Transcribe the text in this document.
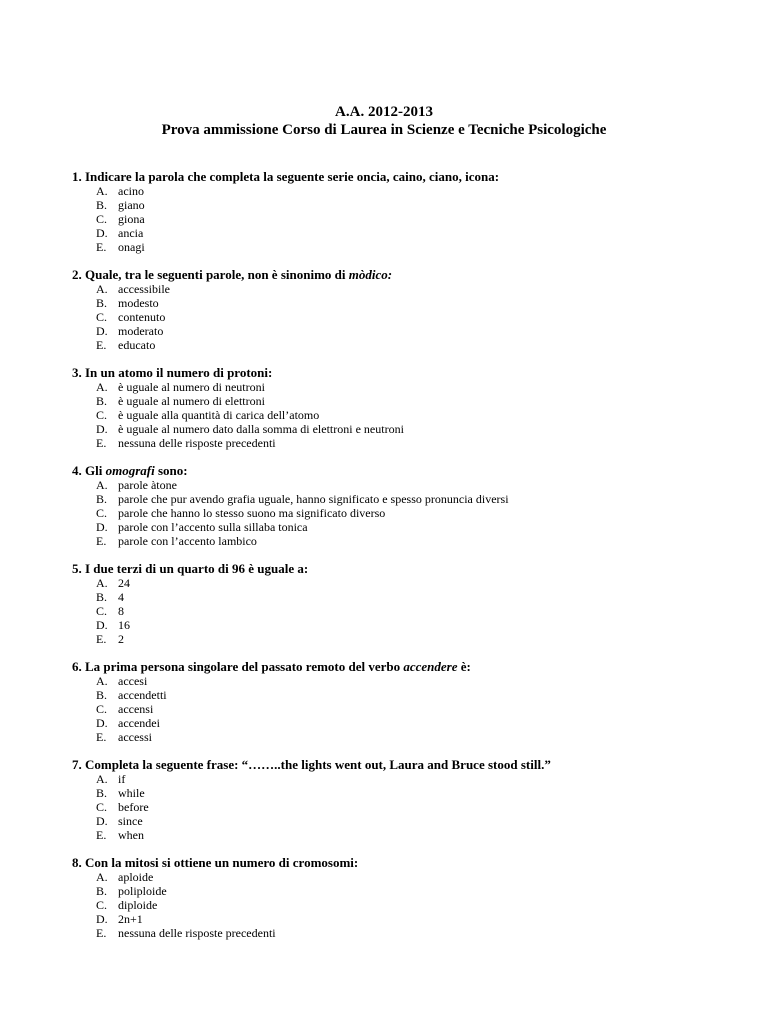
A.A. 2012-2013
Prova ammissione Corso di Laurea in Scienze e Tecniche Psicologiche
1. Indicare la parola che completa la seguente serie oncia, caino, ciano, icona:
A. acino
B. giano
C. giona
D. ancia
E. onagi
2. Quale, tra le seguenti parole, non è sinonimo di mòdico:
A. accessibile
B. modesto
C. contenuto
D. moderato
E. educato
3. In un atomo il numero di protoni:
A. è uguale al numero di neutroni
B. è uguale al numero di elettroni
C. è uguale alla quantità di carica dell’atomo
D. è uguale al numero dato dalla somma di elettroni e neutroni
E. nessuna delle risposte precedenti
4. Gli omografi sono:
A. parole àtone
B. parole che pur avendo grafia uguale, hanno significato e spesso pronuncia diversi
C. parole che hanno lo stesso suono ma significato diverso
D. parole con l’accento sulla sillaba tonica
E. parole con l’accento lambico
5. I due terzi di un quarto di 96 è uguale a:
A. 24
B. 4
C. 8
D. 16
E. 2
6. La prima persona singolare del passato remoto del verbo accendere è:
A. accesi
B. accendetti
C. accensi
D. accendei
E. accessi
7. Completa la seguente frase: “……..the lights went out, Laura and Bruce stood still.”
A. if
B. while
C. before
D. since
E. when
8. Con la mitosi si ottiene un numero di cromosomi:
A. aploide
B. poliploide
C. diploide
D. 2n+1
E. nessuna delle risposte precedenti
